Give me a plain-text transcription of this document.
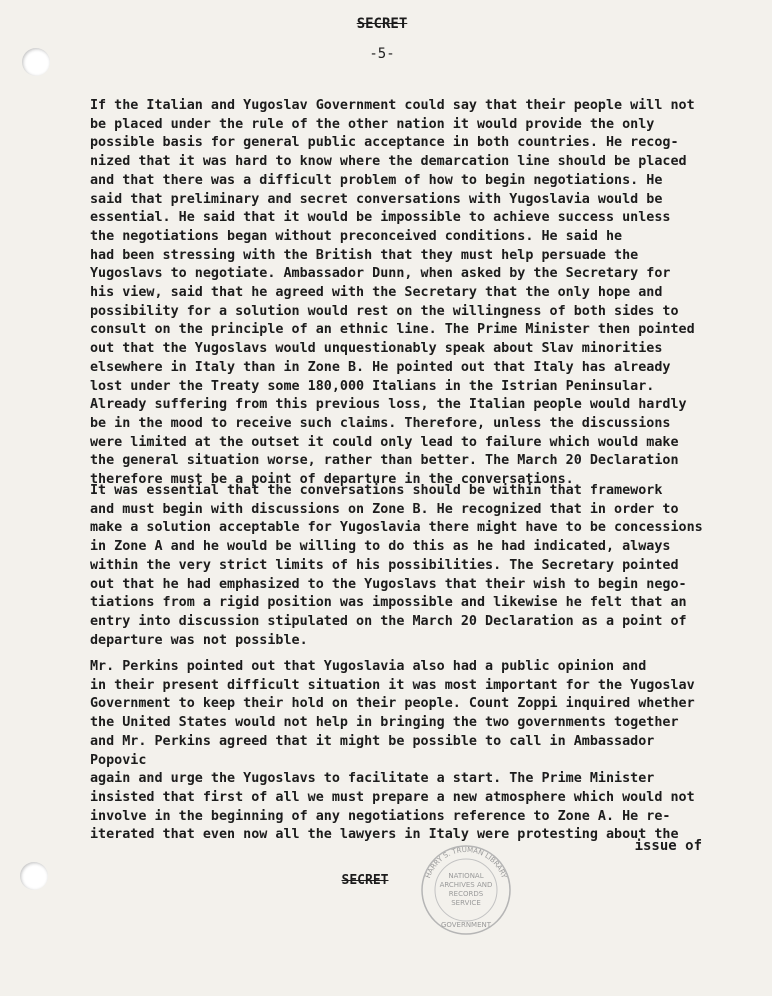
SECRET
-5-

If the Italian and Yugoslav Government could say that their people will not
be placed under the rule of the other nation it would provide the only
possible basis for general public acceptance in both countries. He recog-
nized that it was hard to know where the demarcation line should be placed
and that there was a difficult problem of how to begin negotiations. He
said that preliminary and secret conversations with Yugoslavia would be
essential. He said that it would be impossible to achieve success unless
the negotiations began without preconceived conditions. He said he
had been stressing with the British that they must help persuade the
Yugoslavs to negotiate. Ambassador Dunn, when asked by the Secretary for
his view, said that he agreed with the Secretary that the only hope and
possibility for a solution would rest on the willingness of both sides to
consult on the principle of an ethnic line. The Prime Minister then pointed
out that the Yugoslavs would unquestionably speak about Slav minorities
elsewhere in Italy than in Zone B. He pointed out that Italy has already
lost under the Treaty some 180,000 Italians in the Istrian Peninsular.
Already suffering from this previous loss, the Italian people would hardly
be in the mood to receive such claims. Therefore, unless the discussions
were limited at the outset it could only lead to failure which would make
the general situation worse, rather than better. The March 20 Declaration
therefore must be a point of departure in the conversations.

It was essential that the conversations should be within that framework
and must begin with discussions on Zone B. He recognized that in order to
make a solution acceptable for Yugoslavia there might have to be concessions
in Zone A and he would be willing to do this as he had indicated, always
within the very strict limits of his possibilities. The Secretary pointed
out that he had emphasized to the Yugoslavs that their wish to begin nego-
tiations from a rigid position was impossible and likewise he felt that an
entry into discussion stipulated on the March 20 Declaration as a point of
departure was not possible.

Mr. Perkins pointed out that Yugoslavia also had a public opinion and
in their present difficult situation it was most important for the Yugoslav
Government to keep their hold on their people. Count Zoppi inquired whether
the United States would not help in bringing the two governments together
and Mr. Perkins agreed that it might be possible to call in Ambassador Popovic
again and urge the Yugoslavs to facilitate a start. The Prime Minister
insisted that first of all we must prepare a new atmosphere which would not
involve in the beginning of any negotiations reference to Zone A. He re-
iterated that even now all the lawyers in Italy were protesting about the

issue of
SECRET	HARRY S. TRUMAN LIBRARY
NATIONAL
ARCHIVES AND
RECORDS
SERVICE
GOVERNMENT
